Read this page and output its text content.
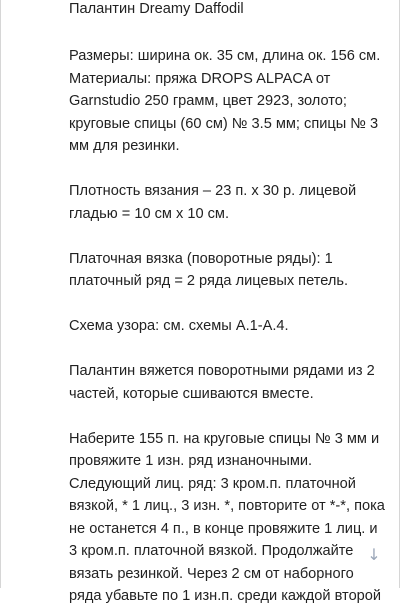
Палантин Dreamy Daffodil

Размеры: ширина ок. 35 см, длина ок. 156 см.
Материалы: пряжа DROPS ALPACA от
Garnstudio 250 грамм, цвет 2923, золото;
круговые спицы (60 см) № 3.5 мм; спицы № 3
мм для резинки.

Плотность вязания – 23 п. х 30 р. лицевой
гладью = 10 см х 10 см.

Платочная вязка (поворотные ряды): 1
платочный ряд = 2 ряда лицевых петель.

Схема узора: см. схемы А.1-А.4.

Палантин вяжется поворотными рядами из 2
частей, которые сшиваются вместе.

Наберите 155 п. на круговые спицы № 3 мм и
провяжите 1 изн. ряд изнаночными.
Следующий лиц. ряд: 3 кром.п. платочной
вязкой, * 1 лиц., 3 изн. *, повторите от *-*, пока
не останется 4 п., в конце провяжите 1 лиц. и
3 кром.п. платочной вязкой. Продолжайте
вязать резинкой. Через 2 см от наборного
ряда убавьте по 1 изн.п. среди каждой второй

↓
